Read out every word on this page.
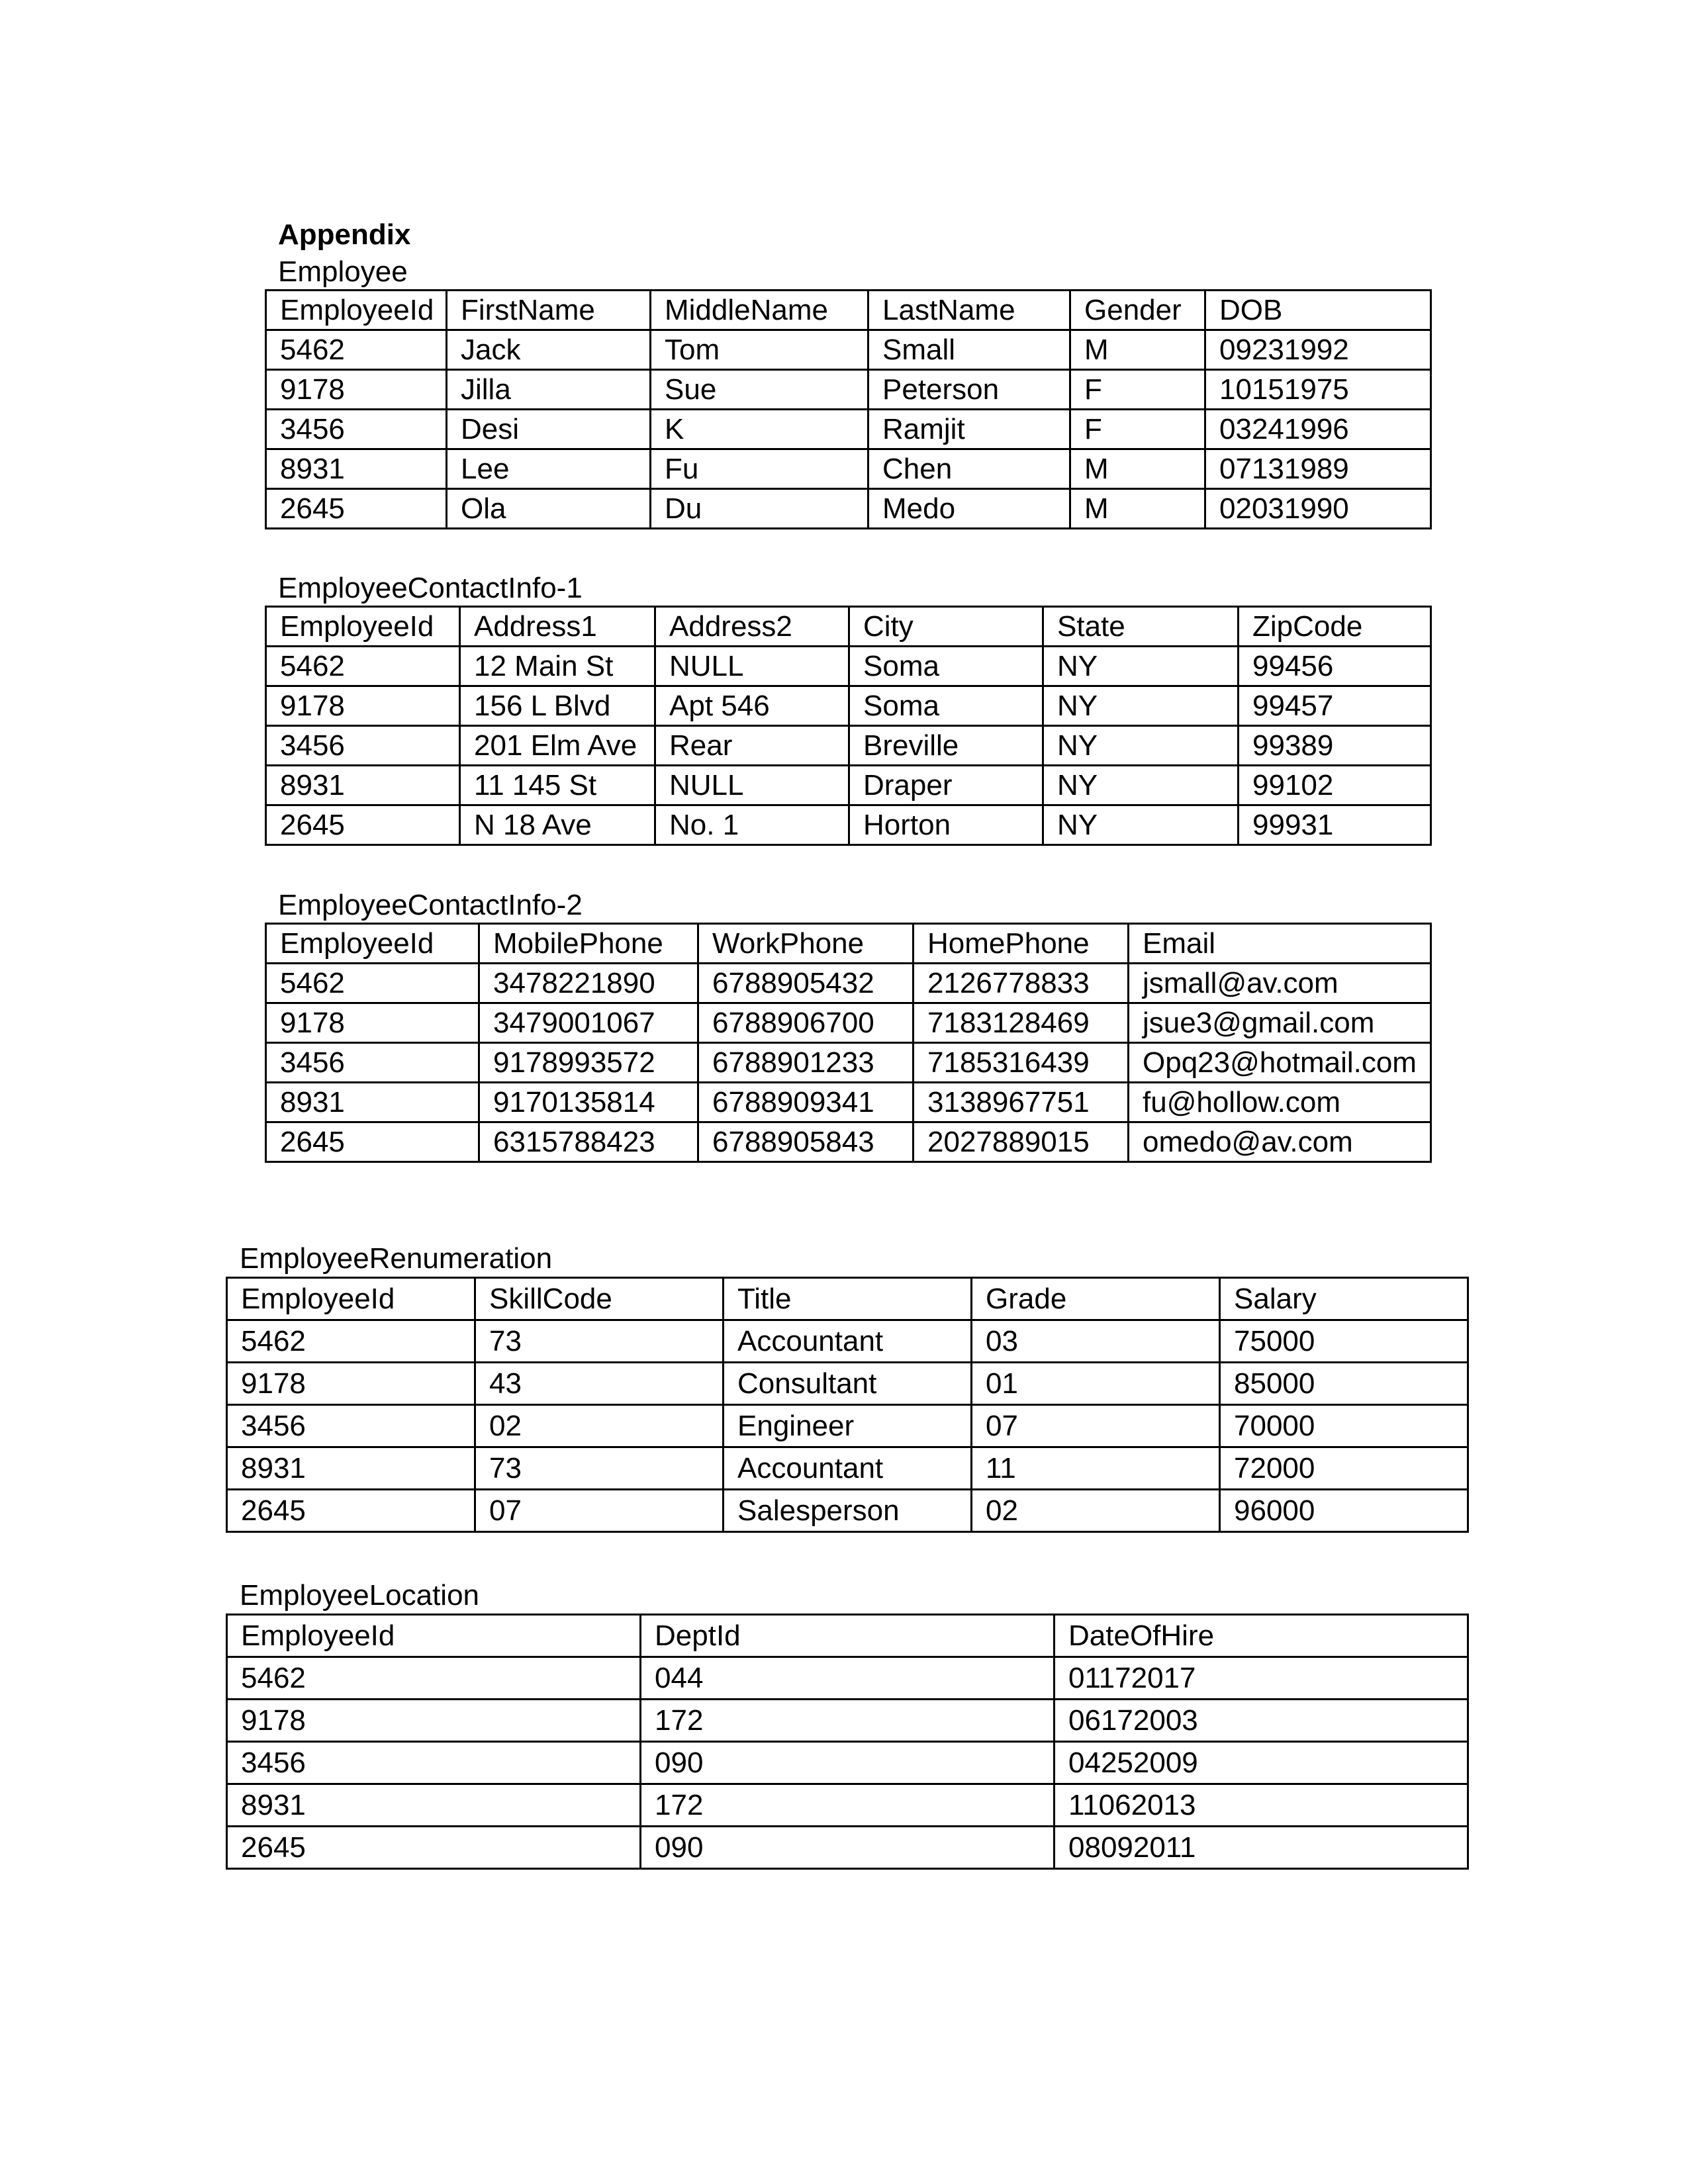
Appendix
Employee
EmployeeId	FirstName	MiddleName	LastName	Gender	DOB
5462	Jack	Tom	Small	M	09231992
9178	Jilla	Sue	Peterson	F	10151975
3456	Desi	K	Ramjit	F	03241996
8931	Lee	Fu	Chen	M	07131989
2645	Ola	Du	Medo	M	02031990
EmployeeContactInfo-1
EmployeeId	Address1	Address2	City	State	ZipCode
5462	12 Main St	NULL	Soma	NY	99456
9178	156 L Blvd	Apt 546	Soma	NY	99457
3456	201 Elm Ave	Rear	Breville	NY	99389
8931	11 145 St	NULL	Draper	NY	99102
2645	N 18 Ave	No. 1	Horton	NY	99931
EmployeeContactInfo-2
EmployeeId	MobilePhone	WorkPhone	HomePhone	Email
5462	3478221890	6788905432	2126778833	jsmall@av.com
9178	3479001067	6788906700	7183128469	jsue3@gmail.com
3456	9178993572	6788901233	7185316439	Opq23@hotmail.com
8931	9170135814	6788909341	3138967751	fu@hollow.com
2645	6315788423	6788905843	2027889015	omedo@av.com
EmployeeRenumeration
EmployeeId	SkillCode	Title	Grade	Salary
5462	73	Accountant	03	75000
9178	43	Consultant	01	85000
3456	02	Engineer	07	70000
8931	73	Accountant	11	72000
2645	07	Salesperson	02	96000
EmployeeLocation
EmployeeId	DeptId	DateOfHire
5462	044	01172017
9178	172	06172003
3456	090	04252009
8931	172	11062013
2645	090	08092011
